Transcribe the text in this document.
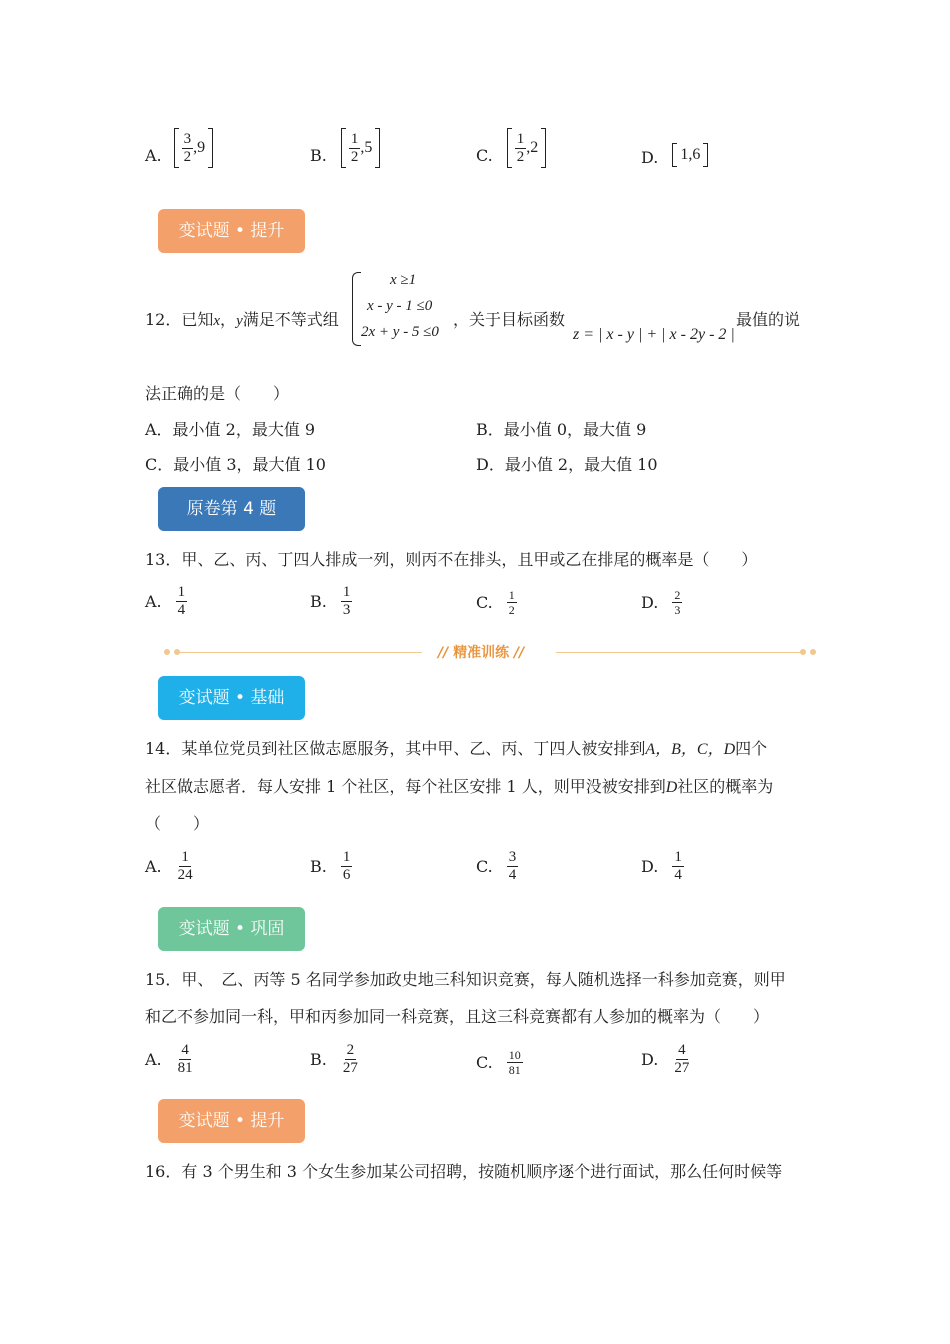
A. $\frac{3}{2} ,9$	B. $\frac{1}{2} ,5$	C. $\frac{1}{2} ,2$
D. 1,6
变试题 • 提升
12．已知x，y满足不等式组
x ≥1
x - y - 1 ≤0
2x + y - 5 ≤0
，关于目标函数
z = | x - y | + | x - 2y - 2 |
最值的说
法正确的是（　　）
A．最小值 2，最大值 9	B．最小值 0，最大值 9
C．最小值 3，最大值 10	D．最小值 2，最大值 10
原卷第 4 题
13．甲、乙、丙、丁四人排成一列，则丙不在排头，且甲或乙在排尾的概率是（　　）
A. $\frac{1}{4}$	B. $\frac{1}{3}$	C. $\frac{1}{2}$	D. $\frac{2}{3}$
// 精准训练 //
变试题 • 基础
14．某单位党员到社区做志愿服务，其中甲、乙、丙、丁四人被安排到A，B，C，D四个
社区做志愿者．每人安排 1 个社区，每个社区安排 1 人，则甲没被安排到D社区的概率为
（　　）
A. $\frac{1}{24}$	B. $\frac{1}{6}$	C. $\frac{3}{4}$	D. $\frac{1}{4}$
变试题 • 巩固
15．甲、　乙、丙等 5 名同学参加政史地三科知识竞赛，每人随机选择一科参加竞赛，则甲
和乙不参加同一科，甲和丙参加同一科竞赛，且这三科竞赛都有人参加的概率为（　　）
A. $\frac{4}{81}$	B. $\frac{2}{27}$	C. $\frac{10}{81}$	D. $\frac{4}{27}$
变试题 • 提升
16．有 3 个男生和 3 个女生参加某公司招聘，按随机顺序逐个进行面试，那么任何时候等
